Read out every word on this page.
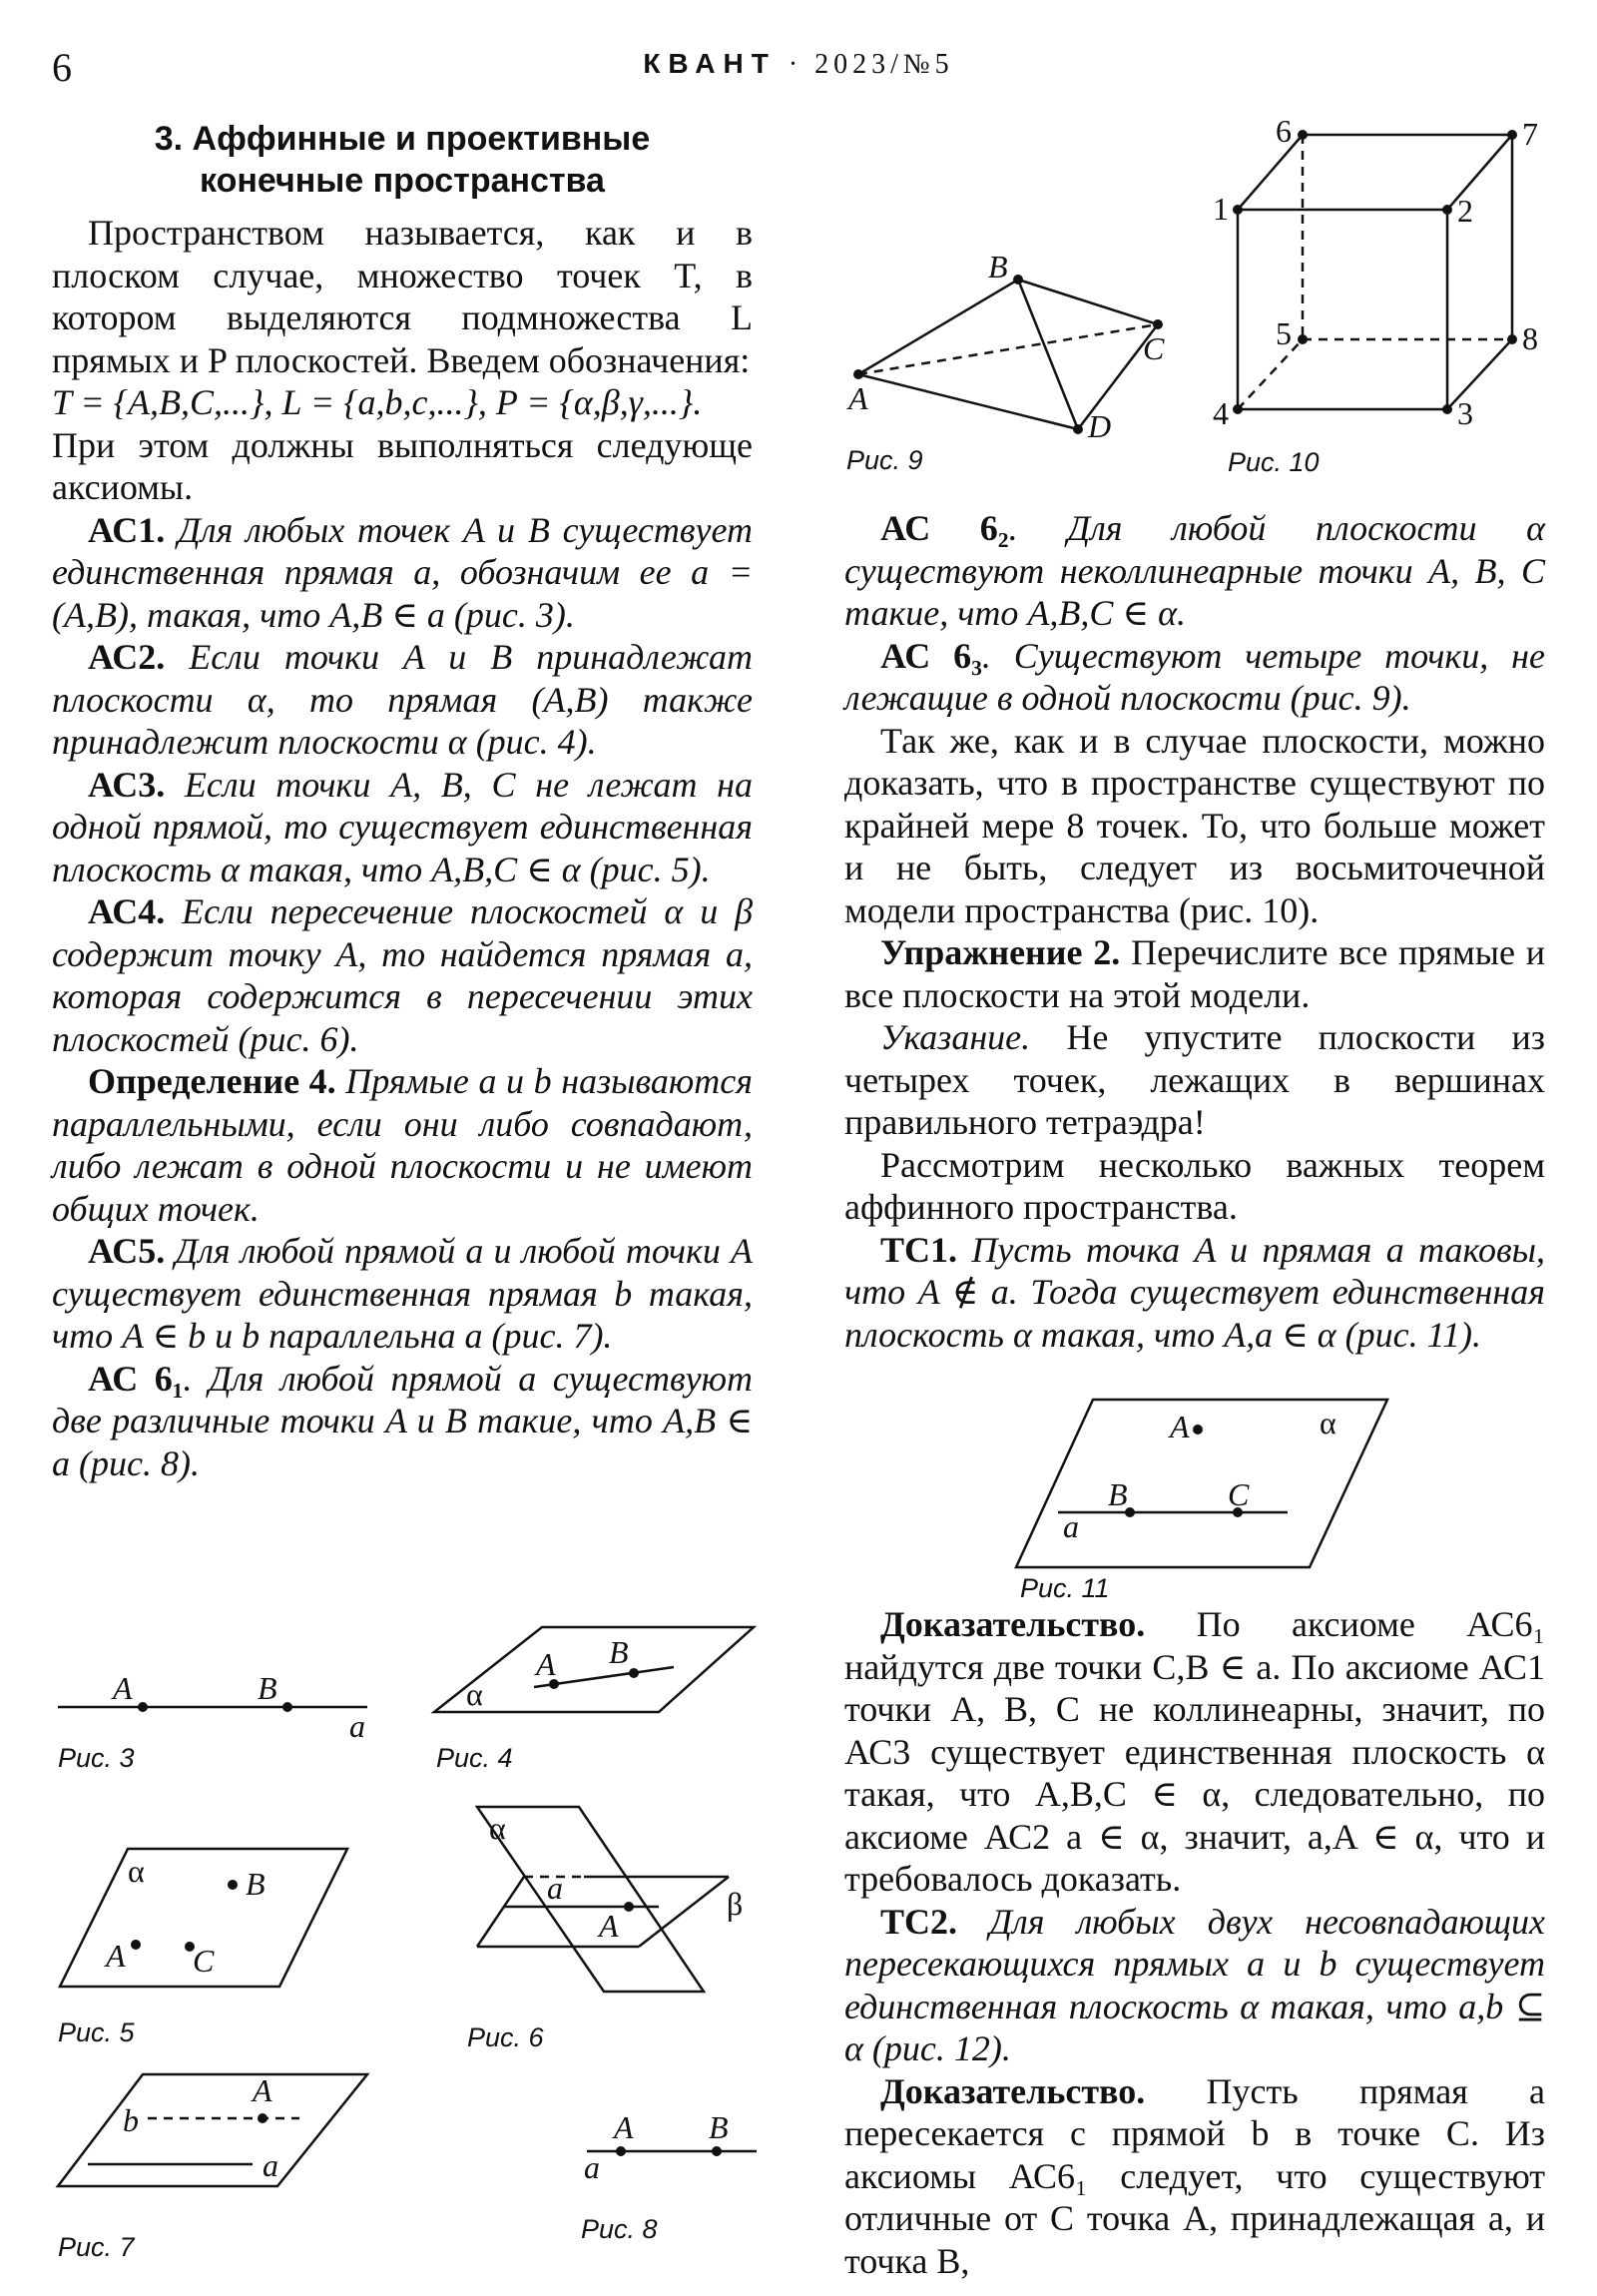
6	КВАНТ · 2023/№5
3. Аффинные и проективные
конечные пространства

Пространством называется, как и в плоском случае, множество точек T, в котором выделяются подмножества L прямых и P плоскостей. Введем обозначения:

T = {A,B,C,...}, L = {a,b,c,...}, P = {α,β,γ,...}.

При этом должны выполняться следующе аксиомы.

АС1. Для любых точек A и B существует единственная прямая a, обозначим ее a = (A,B), такая, что A,B ∈ a (рис. 3).

АС2. Если точки A и B принадлежат плоскости α, то прямая (A,B) также принадлежит плоскости α (рис. 4).

АС3. Если точки A, B, C не лежат на одной прямой, то существует единственная плоскость α такая, что A,B,C ∈ α (рис. 5).

АС4. Если пересечение плоскостей α и β содержит точку A, то найдется прямая a, которая содержится в пересечении этих плоскостей (рис. 6).

Определение 4. Прямые a и b называются параллельными, если они либо совпадают, либо лежат в одной плоскости и не имеют общих точек.

АС5. Для любой прямой a и любой точки A существует единственная прямая b такая, что A ∈ b и b параллельна a (рис. 7).

АС 6₁. Для любой прямой a существуют две различные точки A и B такие, что A,B ∈ a (рис. 8).

АС 6₂. Для любой плоскости α существуют неколлинеарные точки A, B, C такие, что A,B,C ∈ α.

АС 6₃. Существуют четыре точки, не лежащие в одной плоскости (рис. 9).

Так же, как и в случае плоскости, можно доказать, что в пространстве существуют по крайней мере 8 точек. То, что больше может и не быть, следует из восьмиточечной модели пространства (рис. 10).

Упражнение 2. Перечислите все прямые и все плоскости на этой модели.

Указание. Не упустите плоскости из четырех точек, лежащих в вершинах правильного тетраэдра!

Рассмотрим несколько важных теорем аффинного пространства.

ТС1. Пусть точка A и прямая a таковы, что A ∉ a. Тогда существует единственная плоскость α такая, что A,a ∈ α (рис. 11).

Доказательство. По аксиоме АС6₁ найдутся две точки C,B ∈ a. По аксиоме АС1 точки A, B, C не коллинеарны, значит, по АС3 существует единственная плоскость α такая, что A,B,C ∈ α, следовательно, по аксиоме АС2 a ∈ α, значит, a,A ∈ α, что и требовалось доказать.

ТС2. Для любых двух несовпадающих пересекающихся прямых a и b существует единственная плоскость α такая, что a,b ⊆ α (рис. 12).

Доказательство. Пусть прямая a пересекается с прямой b в точке C. Из аксиомы АС6₁ следует, что существуют отличные от C точка A, принадлежащая a, и точка B,

A
B
C
D
Рис. 9
1	2
3
4
5
6	7
8
Рис. 10
A	α
B	C
a
Рис. 11
A	B
a
Рис. 3
A B
α
Рис. 4
α	B
A C
Рис. 5
α
a
A
β
Рис. 6
A
b
a
Рис. 7
A B
a
Рис. 8
